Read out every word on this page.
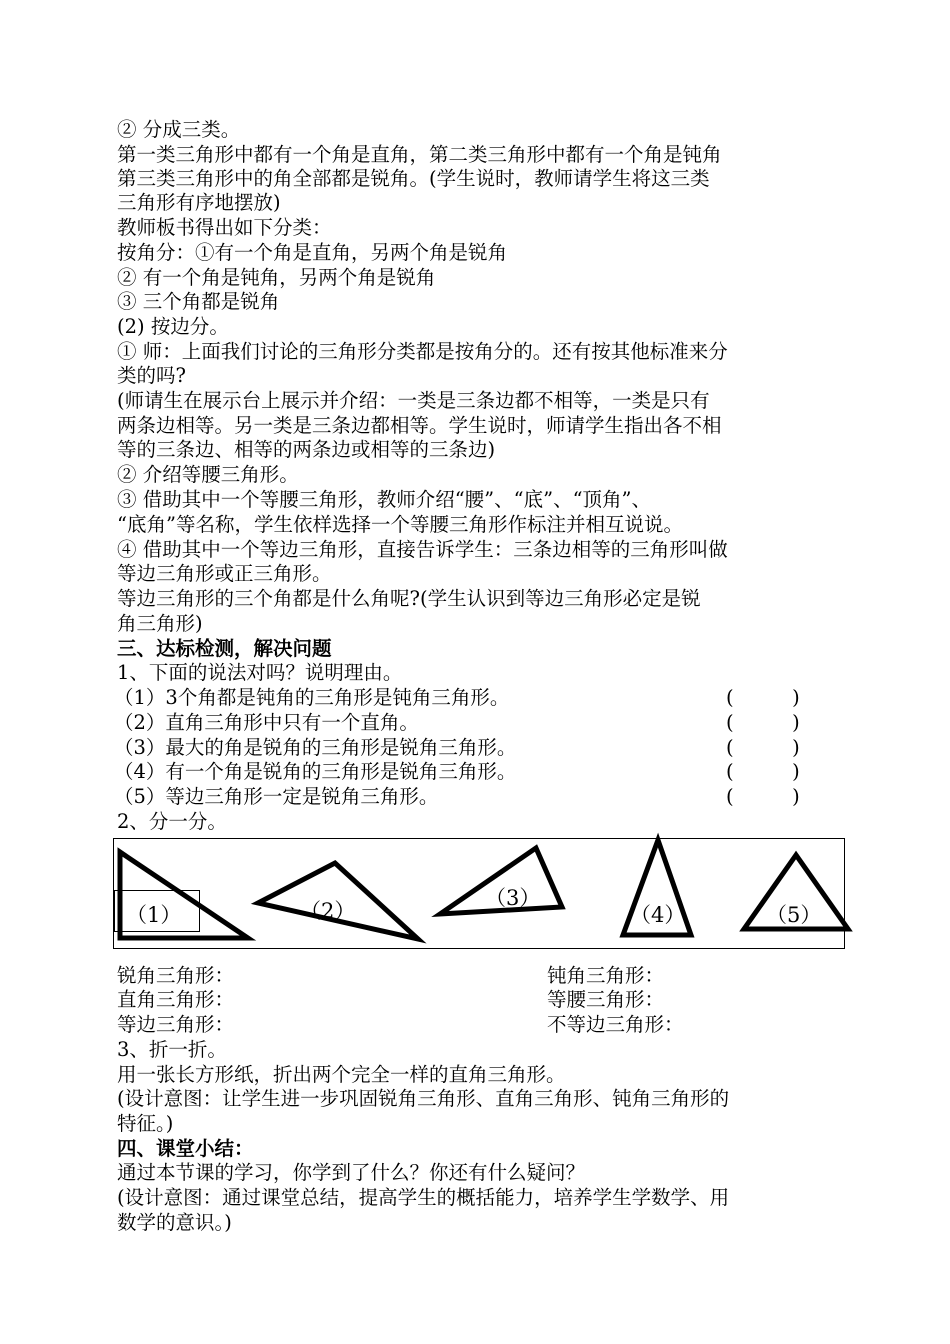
② 分成三类。
第一类三角形中都有一个角是直角，第二类三角形中都有一个角是钝角
第三类三角形中的角全部都是锐角。(学生说时，教师请学生将这三类
三角形有序地摆放)
教师板书得出如下分类：
按角分：①有一个角是直角，另两个角是锐角
② 有一个角是钝角，另两个角是锐角
③ 三个角都是锐角
(2) 按边分。
① 师：上面我们讨论的三角形分类都是按角分的。还有按其他标准来分
类的吗?
(师请生在展示台上展示并介绍：一类是三条边都不相等，一类是只有
两条边相等。另一类是三条边都相等。学生说时，师请学生指出各不相
等的三条边、相等的两条边或相等的三条边)
② 介绍等腰三角形。
③ 借助其中一个等腰三角形，教师介绍“腰”、“底”、“顶角”、
“底角”等名称，学生依样选择一个等腰三角形作标注并相互说说。
④ 借助其中一个等边三角形，直接告诉学生：三条边相等的三角形叫做
等边三角形或正三角形。
等边三角形的三个角都是什么角呢?(学生认识到等边三角形必定是锐
角三角形)
三、达标检测，解决问题
1、下面的说法对吗？说明理由。
（1）3个角都是钝角的三角形是钝角三角形。	(　　　)
（2）直角三角形中只有一个直角。	(　　　)
（3）最大的角是锐角的三角形是锐角三角形。	(　　　)
（4）有一个角是锐角的三角形是锐角三角形。	(　　　)
（5）等边三角形一定是锐角三角形。	(　　　)
2、分一分。
（1）	（2）
（3）
（4）	（5）
锐角三角形：	钝角三角形：
直角三角形：	等腰三角形：
等边三角形：	不等边三角形：
3、折一折。
用一张长方形纸，折出两个完全一样的直角三角形。
(设计意图：让学生进一步巩固锐角三角形、直角三角形、钝角三角形的
特征。)
四、课堂小结：
通过本节课的学习，你学到了什么？你还有什么疑问？
(设计意图：通过课堂总结，提高学生的概括能力，培养学生学数学、用
数学的意识。)
